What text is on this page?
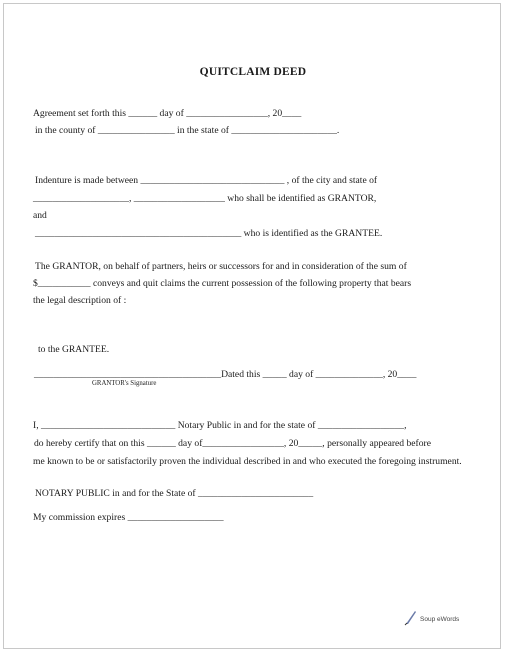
QUITCLAIM DEED
Agreement set forth this ______ day of _________________, 20____
in the county of ________________ in the state of ______________________.
Indenture is made between ______________________________ , of the city and state of
____________________, ___________________ who shall be identified as GRANTOR,
and
___________________________________________ who is identified as the GRANTEE.
The GRANTOR, on behalf of partners, heirs or successors for and in consideration of the sum of
$___________ conveys and quit claims the current possession of the following property that bears
the legal description of :
to the GRANTEE.
_______________________________________Dated this _____ day of ______________, 20____
GRANTOR's Signature
I, ____________________________ Notary Public in and for the state of __________________,
do hereby certify that on this ______ day of_________________, 20_____, personally appeared before
me known to be or satisfactorily proven the individual described in and who executed the foregoing instrument.
NOTARY PUBLIC in and for the State of ________________________
My commission expires ____________________
Soup eWords
